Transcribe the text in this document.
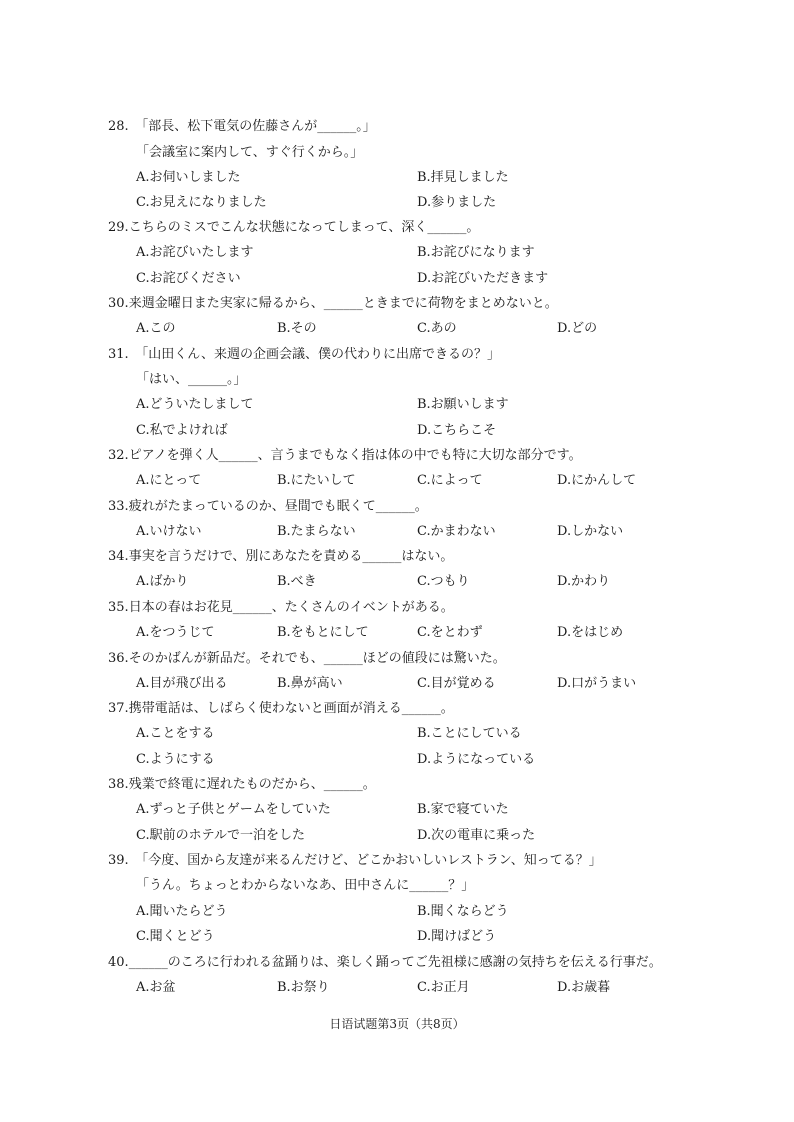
28.　「部長、松下電気の佐藤さんが______。」
「会議室に案内して、すぐ行くから。」
A.お伺いしました	B.拝見しました
C.お見えになりました	D.参りました
29.こちらのミスでこんな状態になってしまって、深く______。
A.お詫びいたします	B.お詫びになります
C.お詫びください	D.お詫びいただきます
30.来週金曜日また実家に帰るから、______ときまでに荷物をまとめないと。
A.この	B.その	C.あの	D.どの
31.　「山田くん、来週の企画会議、僕の代わりに出席できるの？」
「はい、______。」
A.どういたしまして	B.お願いします
C.私でよければ	D.こちらこそ
32.ピアノを弾く人______、言うまでもなく指は体の中でも特に大切な部分です。
A.にとって	B.にたいして	C.によって	D.にかんして
33.疲れがたまっているのか、昼間でも眠くて______。
A.いけない	B.たまらない	C.かまわない	D.しかない
34.事実を言うだけで、別にあなたを責める______はない。
A.ばかり	B.べき	C.つもり	D.かわり
35.日本の春はお花見______、たくさんのイベントがある。
A.をつうじて	B.をもとにして	C.をとわず	D.をはじめ
36.そのかばんが新品だ。それでも、______ほどの値段には驚いた。
A.目が飛び出る	B.鼻が高い	C.目が覚める	D.口がうまい
37.携帯電話は、しばらく使わないと画面が消える______。
A.ことをする	B.ことにしている
C.ようにする	D.ようになっている
38.残業で終電に遅れたものだから、______。
A.ずっと子供とゲームをしていた	B.家で寝ていた
C.駅前のホテルで一泊をした	D.次の電車に乗った
39.　「今度、国から友達が来るんだけど、どこかおいしいレストラン、知ってる？」
「うん。ちょっとわからないなあ、田中さんに______？」
A.聞いたらどう	B.聞くならどう
C.聞くとどう	D.聞けばどう
40.______のころに行われる盆踊りは、楽しく踊ってご先祖様に感謝の気持ちを伝える行事だ。
A.お盆	B.お祭り	C.お正月	D.お歳暮
日语试题第3页（共8页）
